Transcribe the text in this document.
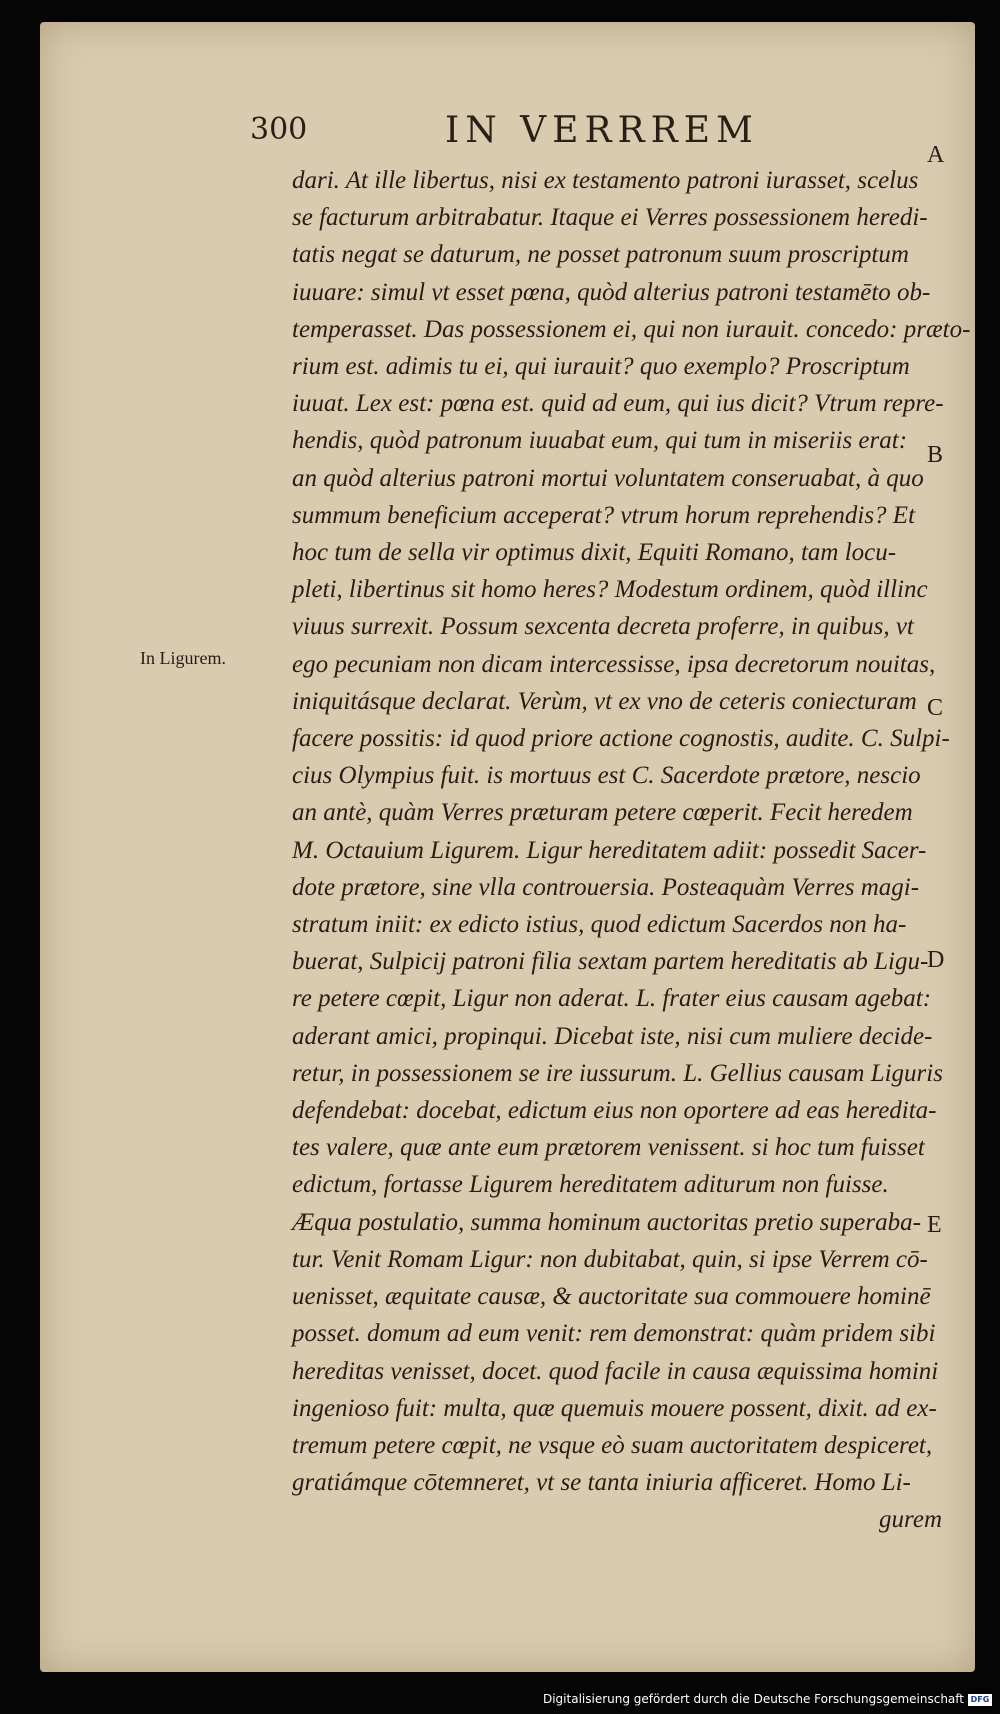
300	IN VERRREM
dari. At ille libertus, nisi ex testamento patroni iurasset, scelus
se facturum arbitrabatur. Itaque ei Verres possessionem heredi-
tatis negat se daturum, ne posset patronum suum proscriptum
iuuare: simul vt esset pœna, quòd alterius patroni testamēto ob-
temperasset. Das possessionem ei, qui non iurauit. concedo: præto-
rium est. adimis tu ei, qui iurauit? quo exemplo? Proscriptum
iuuat. Lex est: pœna est. quid ad eum, qui ius dicit? Vtrum repre-
hendis, quòd patronum iuuabat eum, qui tum in miseriis erat:
an quòd alterius patroni mortui voluntatem conseruabat, à quo
summum beneficium acceperat? vtrum horum reprehendis? Et
hoc tum de sella vir optimus dixit, Equiti Romano, tam locu-
pleti, libertinus sit homo heres? Modestum ordinem, quòd illinc
viuus surrexit. Possum sexcenta decreta proferre, in quibus, vt
ego pecuniam non dicam intercessisse, ipsa decretorum nouitas,
iniquitásque declarat. Verùm, vt ex vno de ceteris coniecturam
facere possitis: id quod priore actione cognostis, audite. C. Sulpi-
cius Olympius fuit. is mortuus est C. Sacerdote prætore, nescio
an antè, quàm Verres præturam petere cœperit. Fecit heredem
M. Octauium Ligurem. Ligur hereditatem adiit: possedit Sacer-
dote prætore, sine vlla controuersia. Posteaquàm Verres magi-
stratum iniit: ex edicto istius, quod edictum Sacerdos non ha-
buerat, Sulpicij patroni filia sextam partem hereditatis ab Ligu-
re petere cœpit, Ligur non aderat. L. frater eius causam agebat:
aderant amici, propinqui. Dicebat iste, nisi cum muliere decide-
retur, in possessionem se ire iussurum. L. Gellius causam Liguris
defendebat: docebat, edictum eius non oportere ad eas heredita-
tes valere, quæ ante eum prætorem venissent. si hoc tum fuisset
edictum, fortasse Ligurem hereditatem aditurum non fuisse.
Æqua postulatio, summa hominum auctoritas pretio superaba-
tur. Venit Romam Ligur: non dubitabat, quin, si ipse Verrem cō-
uenisset, æquitate causæ, & auctoritate sua commouere hominē
posset. domum ad eum venit: rem demonstrat: quàm pridem sibi
hereditas venisset, docet. quod facile in causa æquissima homini
ingenioso fuit: multa, quæ quemuis mouere possent, dixit. ad ex-
tremum petere cœpit, ne vsque eò suam auctoritatem despiceret,
gratiámque cōtemneret, vt se tanta iniuria afficeret. Homo Li-
gurem
A
B
C
D
E
In Ligurem.
Digitalisierung gefördert durch die Deutsche Forschungsgemeinschaft DFG
